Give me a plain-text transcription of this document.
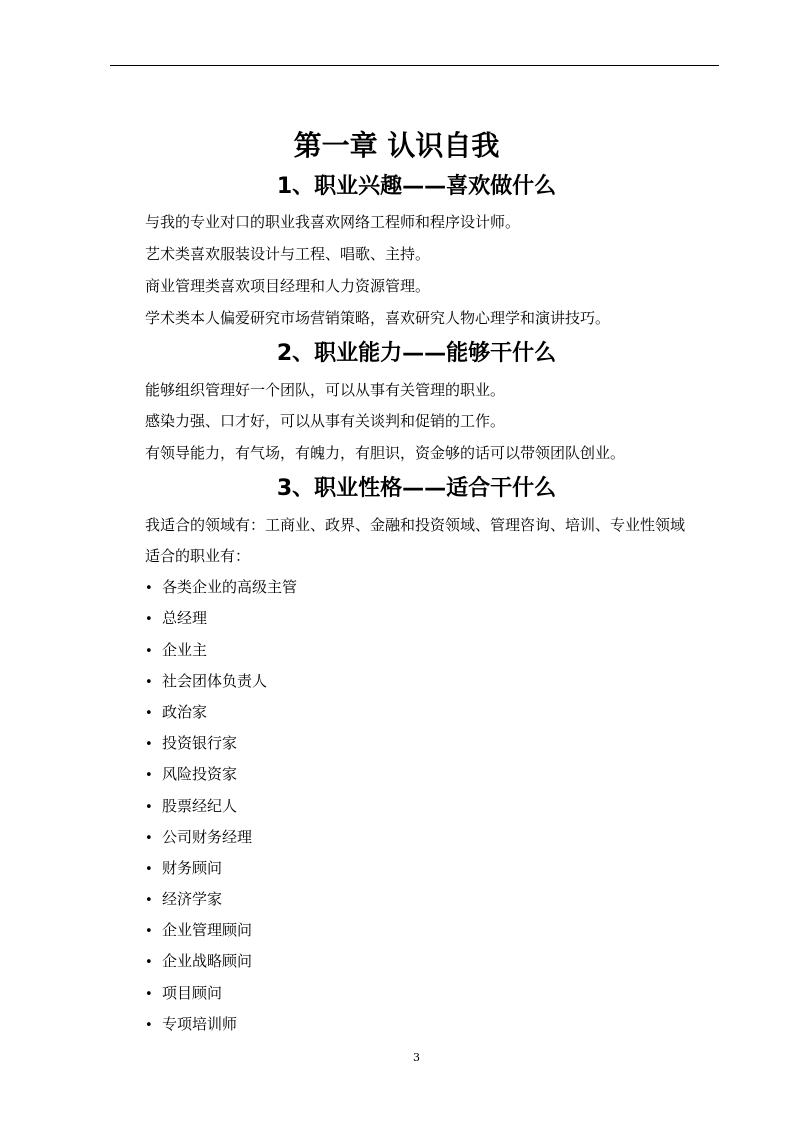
第一章 认识自我
1、职业兴趣——喜欢做什么
与我的专业对口的职业我喜欢网络工程师和程序设计师。
艺术类喜欢服装设计与工程、唱歌、主持。
商业管理类喜欢项目经理和人力资源管理。
学术类本人偏爱研究市场营销策略，喜欢研究人物心理学和演讲技巧。
2、职业能力——能够干什么
能够组织管理好一个团队，可以从事有关管理的职业。
感染力强、口才好，可以从事有关谈判和促销的工作。
有领导能力，有气场，有魄力，有胆识，资金够的话可以带领团队创业。
3、职业性格——适合干什么
我适合的领域有：工商业、政界、金融和投资领域、管理咨询、培训、专业性领域
适合的职业有：
• 各类企业的高级主管
• 总经理
• 企业主
• 社会团体负责人
• 政治家
• 投资银行家
• 风险投资家
• 股票经纪人
• 公司财务经理
• 财务顾问
• 经济学家
• 企业管理顾问
• 企业战略顾问
• 项目顾问
• 专项培训师
3
